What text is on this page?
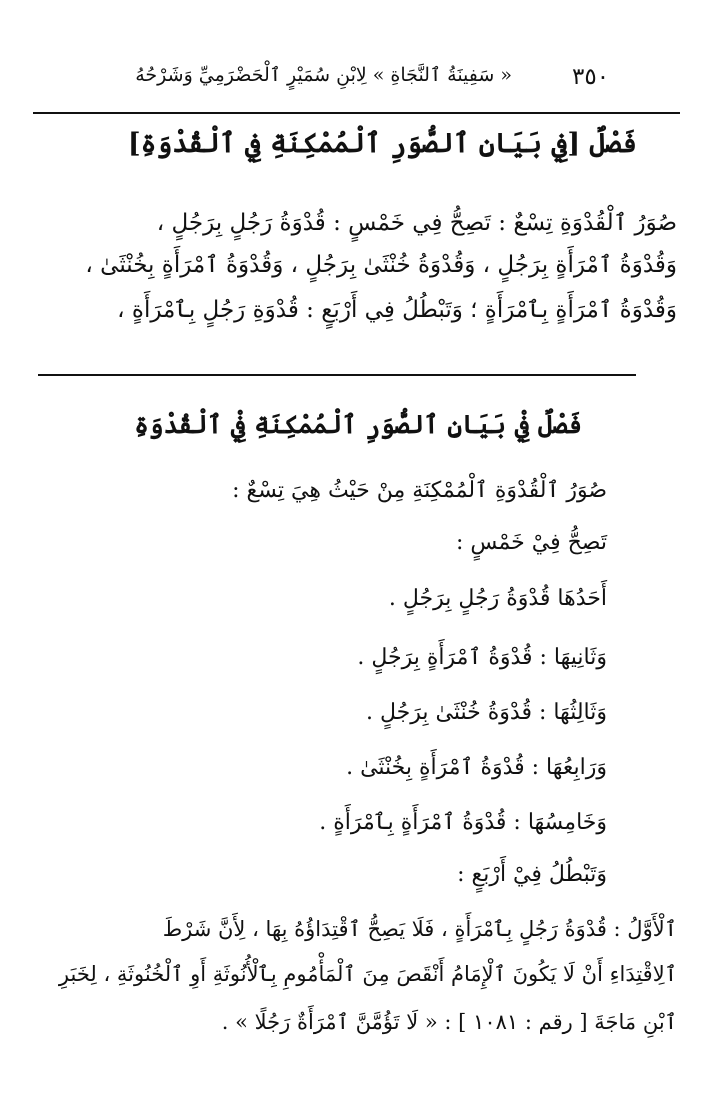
« سَفِينَةُ ٱلنَّجَاةِ » لِابْنِ سُمَيْرٍ ٱلْحَضْرَمِيِّ وَشَرْحُهُ	٣٥٠
فَصْلٌ [فِي بَيَانِ ٱلصُّوَرِ ٱلْمُمْكِنَةِ فِي ٱلْقُدْوَةِ]
صُوَرُ ٱلْقُدْوَةِ تِسْعٌ : تَصِحُّ فِي خَمْسٍ : قُدْوَةُ رَجُلٍ بِرَجُلٍ ،
وَقُدْوَةُ ٱمْرَأَةٍ بِرَجُلٍ ، وَقُدْوَةُ خُنْثَىٰ بِرَجُلٍ ، وَقُدْوَةُ ٱمْرَأَةٍ بِخُنْثَىٰ ،
وَقُدْوَةُ ٱمْرَأَةٍ بِٱمْرَأَةٍ ؛ وَتَبْطُلُ فِي أَرْبَعٍ : قُدْوَةِ رَجُلٍ بِٱمْرَأَةٍ ،
فَصْلٌ فِيْ بَيَانِ ٱلصُّوَرِ ٱلْمُمْكِنَةِ فِيْ ٱلْقُدْوَةِ
صُوَرُ ٱلْقُدْوَةِ ٱلْمُمْكِنَةِ مِنْ حَيْثُ هِيَ تِسْعٌ :
تَصِحُّ فِيْ خَمْسٍ :
أَحَدُهَا قُدْوَةُ رَجُلٍ بِرَجُلٍ .
وَثَانِيهَا : قُدْوَةُ ٱمْرَأَةٍ بِرَجُلٍ .
وَثَالِثُهَا : قُدْوَةُ خُنْثَىٰ بِرَجُلٍ .
وَرَابِعُهَا : قُدْوَةُ ٱمْرَأَةٍ بِخُنْثَىٰ .
وَخَامِسُهَا : قُدْوَةُ ٱمْرَأَةٍ بِٱمْرَأَةٍ .
وَتَبْطُلُ فِيْ أَرْبَعٍ :
ٱلْأَوَّلُ : قُدْوَةُ رَجُلٍ بِٱمْرَأَةٍ ، فَلَا يَصِحُّ ٱقْتِدَاؤُهُ بِهَا ، لِأَنَّ شَرْطَ
ٱلِاقْتِدَاءِ أَنْ لَا يَكُونَ ٱلْإِمَامُ أَنْقَصَ مِنَ ٱلْمَأْمُومِ بِٱلْأُنُوثَةِ أَوِ ٱلْخُنُوثَةِ ، لِخَبَرِ
ٱبْنِ مَاجَةَ [ رقم : ١٠٨١ ] : « لَا تَؤُمَّنَّ ٱمْرَأَةٌ رَجُلًا » .
